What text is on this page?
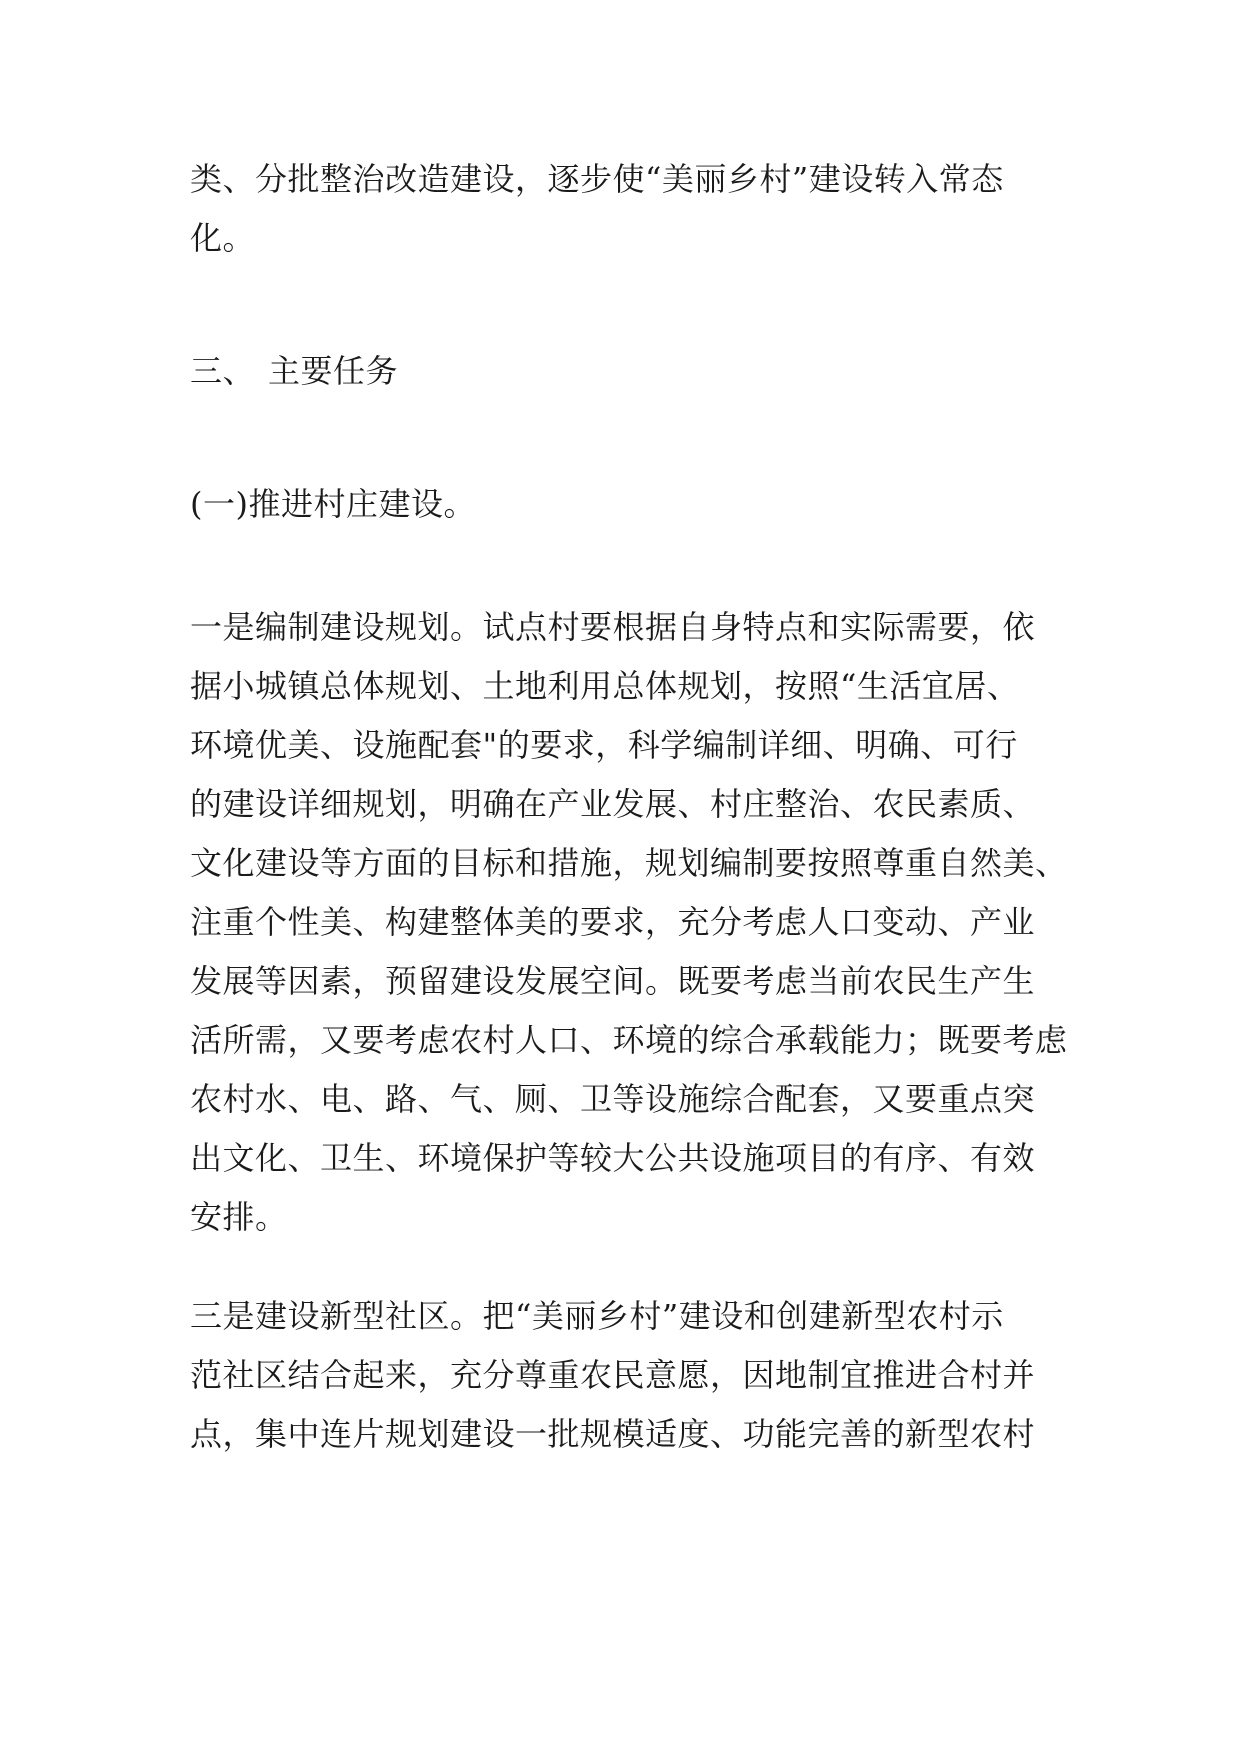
类、分批整治改造建设，逐步使“美丽乡村”建设转入常态
化。
三、 主要任务
(一)推进村庄建设。
一是编制建设规划。试点村要根据自身特点和实际需要，依
据小城镇总体规划、土地利用总体规划，按照“生活宜居、
环境优美、设施配套"的要求，科学编制详细、明确、可行
的建设详细规划，明确在产业发展、村庄整治、农民素质、
文化建设等方面的目标和措施，规划编制要按照尊重自然美、
注重个性美、构建整体美的要求，充分考虑人口变动、产业
发展等因素，预留建设发展空间。既要考虑当前农民生产生
活所需，又要考虑农村人口、环境的综合承载能力；既要考虑
农村水、电、路、气、厕、卫等设施综合配套，又要重点突
出文化、卫生、环境保护等较大公共设施项目的有序、有效
安排。
三是建设新型社区。把“美丽乡村”建设和创建新型农村示
范社区结合起来，充分尊重农民意愿，因地制宜推进合村并
点，集中连片规划建设一批规模适度、功能完善的新型农村
